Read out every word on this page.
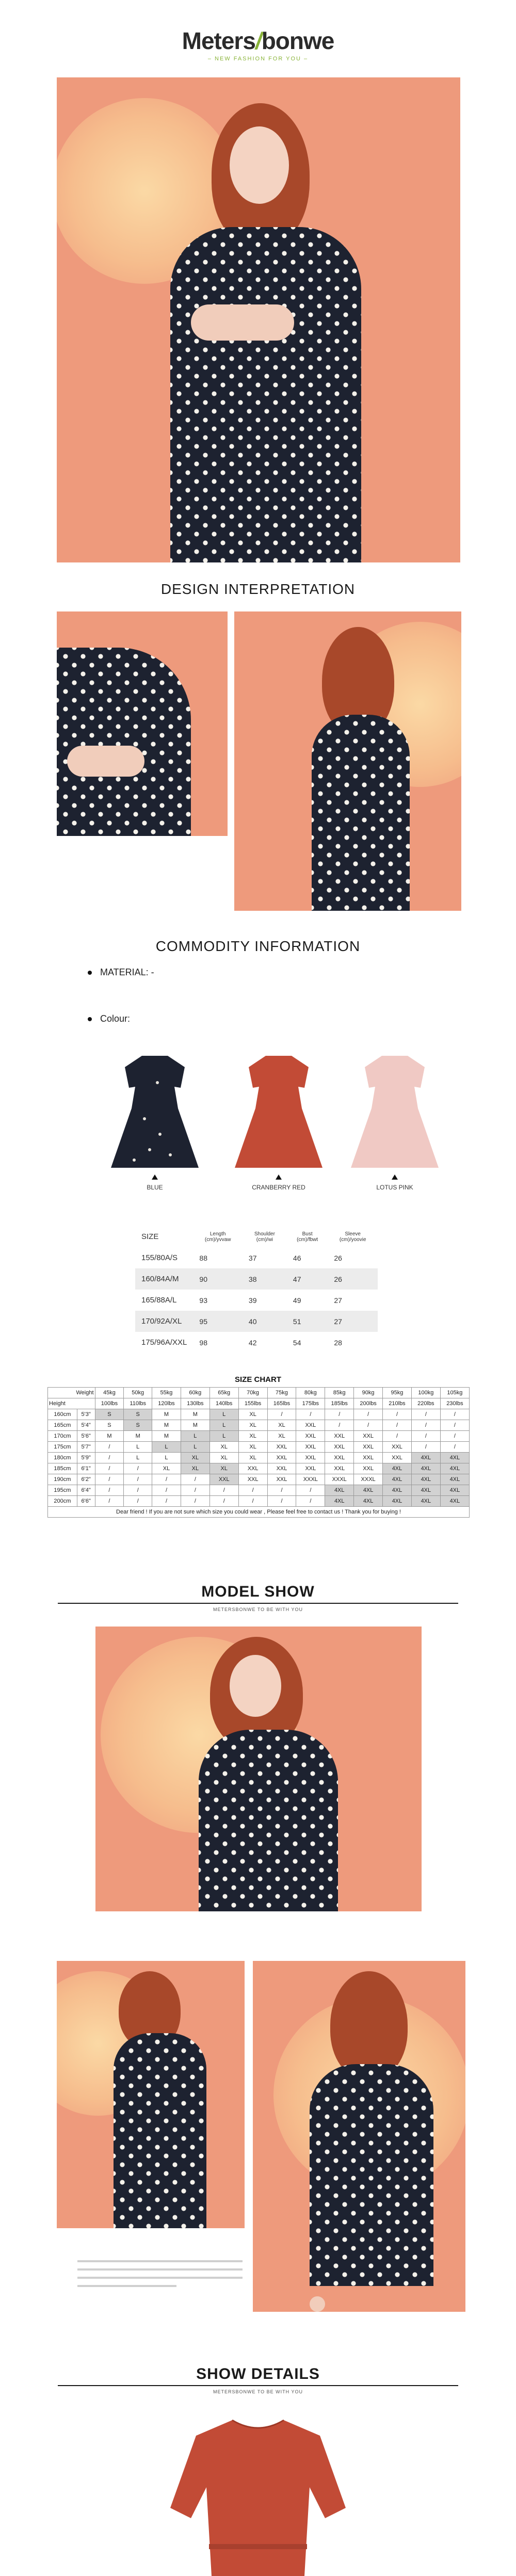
Meters/bonwe
– NEW FASHION FOR YOU –
DESIGN INTERPRETATION
COMMODITY INFORMATION
MATERIAL: -
Colour:
BLUE	CRANBERRY RED	LOTUS PINK
SIZE	Length (cm)/yvvaw	Shoulder (cm)/wi	Bust (cm)/fbwt	Sleeve (cm)/yoovie
155/80A/S	88	37	46	26
160/84A/M	90	38	47	26
165/88A/L	93	39	49	27
170/92A/XL	95	40	51	27
175/96A/XXL	98	42	54	28
SIZE CHART
Weight		45kg	50kg	55kg	60kg	65kg	70kg	75kg	80kg	85kg	90kg	95kg	100kg	105kg
Height		100lbs	110lbs	120lbs	130lbs	140lbs	155lbs	165lbs	175lbs	185lbs	200lbs	210lbs	220lbs	230lbs
160cm	5'3"	S	S	M	M	L	XL	/	/	/	/	/	/	/
165cm	5'4"	S	S	M	M	L	XL	XL	XXL	/	/	/	/	/
170cm	5'6"	M	M	M	L	L	XL	XL	XXL	XXL	XXL	/	/	/
175cm	5'7"	/	L	L	L	XL	XL	XXL	XXL	XXL	XXL	XXL	/	/
180cm	5'9"	/	L	L	XL	XL	XL	XXL	XXL	XXL	XXL	XXL	4XL	4XL
185cm	6'1"	/	/	XL	XL	XL	XXL	XXL	XXL	XXL	XXL	4XL	4XL	4XL
190cm	6'2"	/	/	/	/	XXL	XXL	XXL	XXXL	XXXL	XXXL	4XL	4XL	4XL
195cm	6'4"	/	/	/	/	/	/	/	/	4XL	4XL	4XL	4XL	4XL
200cm	6'6"	/	/	/	/	/	/	/	/	4XL	4XL	4XL	4XL	4XL
Dear friend ! If you are not sure which size you could wear , Please feel free to contact us ! Thank you for buying !														
MODEL SHOW
METERSBONWE TO BE WITH YOU
SHOW DETAILS
METERSBONWE TO BE WITH YOU
